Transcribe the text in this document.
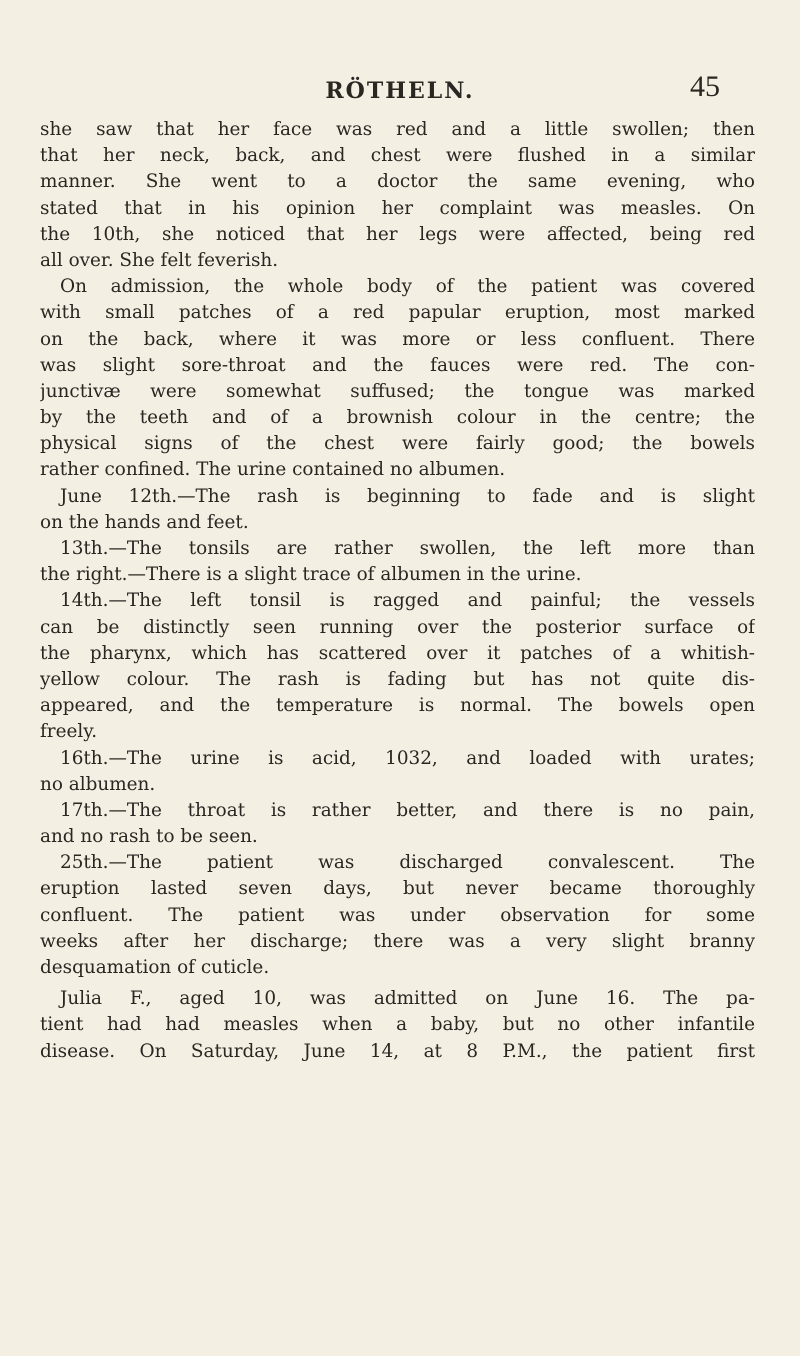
RÖTHELN.	45
she saw that her face was red and a little swollen; then
that her neck, back, and chest were flushed in a similar
manner. She went to a doctor the same evening, who
stated that in his opinion her complaint was measles. On
the 10th, she noticed that her legs were affected, being red
all over. She felt feverish.
On admission, the whole body of the patient was covered
with small patches of a red papular eruption, most marked
on the back, where it was more or less confluent. There
was slight sore-throat and the fauces were red. The con-
junctivæ were somewhat suffused; the tongue was marked
by the teeth and of a brownish colour in the centre; the
physical signs of the chest were fairly good; the bowels
rather confined. The urine contained no albumen.
June 12th.—The rash is beginning to fade and is slight
on the hands and feet.
13th.—The tonsils are rather swollen, the left more than
the right.—There is a slight trace of albumen in the urine.
14th.—The left tonsil is ragged and painful; the vessels
can be distinctly seen running over the posterior surface of
the pharynx, which has scattered over it patches of a whitish-
yellow colour. The rash is fading but has not quite dis-
appeared, and the temperature is normal. The bowels open
freely.
16th.—The urine is acid, 1032, and loaded with urates;
no albumen.
17th.—The throat is rather better, and there is no pain,
and no rash to be seen.
25th.—The patient was discharged convalescent. The
eruption lasted seven days, but never became thoroughly
confluent. The patient was under observation for some
weeks after her discharge; there was a very slight branny
desquamation of cuticle.
Julia F., aged 10, was admitted on June 16. The pa-
tient had had measles when a baby, but no other infantile
disease. On Saturday, June 14, at 8 P.M., the patient first
